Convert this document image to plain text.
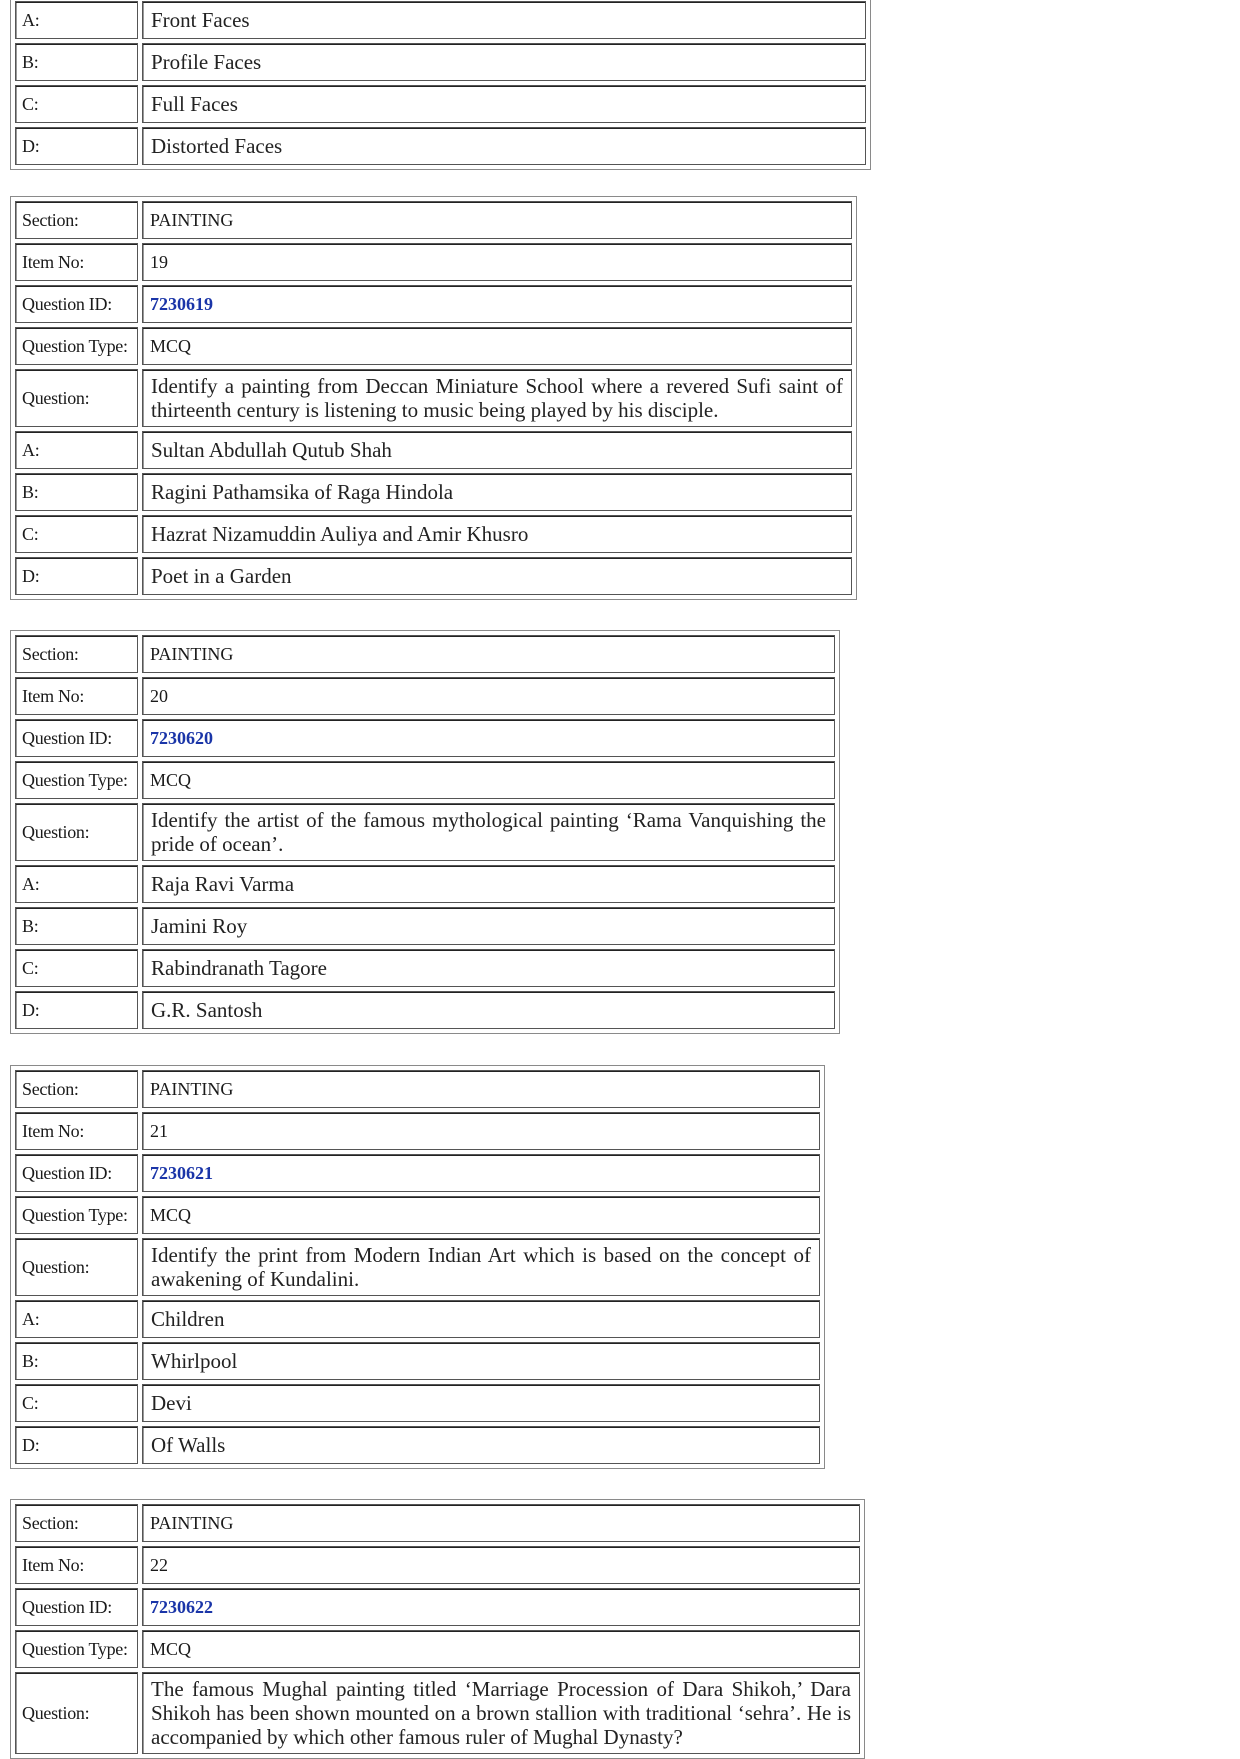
A:	Front Faces
B:	Profile Faces
C:	Full Faces
D:	Distorted Faces
Section:	PAINTING
Item No:	19
Question ID:	7230619
Question Type:	MCQ
Question:	Identify a painting from Deccan Miniature School where a revered Sufi saint of thirteenth century is listening to music being played by his disciple.
A:	Sultan Abdullah Qutub Shah
B:	Ragini Pathamsika of Raga Hindola
C:	Hazrat Nizamuddin Auliya and Amir Khusro
D:	Poet in a Garden
Section:	PAINTING
Item No:	20
Question ID:	7230620
Question Type:	MCQ
Question:	Identify the artist of the famous mythological painting ‘Rama Vanquishing the pride of ocean’.
A:	Raja Ravi Varma
B:	Jamini Roy
C:	Rabindranath Tagore
D:	G.R. Santosh
Section:	PAINTING
Item No:	21
Question ID:	7230621
Question Type:	MCQ
Question:	Identify the print from Modern Indian Art which is based on the concept of awakening of Kundalini.
A:	Children
B:	Whirlpool
C:	Devi
D:	Of Walls
Section:	PAINTING
Item No:	22
Question ID:	7230622
Question Type:	MCQ
Question:	The famous Mughal painting titled ‘Marriage Procession of Dara Shikoh,’ Dara Shikoh has been shown mounted on a brown stallion with traditional ‘sehra’. He is accompanied by which other famous ruler of Mughal Dynasty?
